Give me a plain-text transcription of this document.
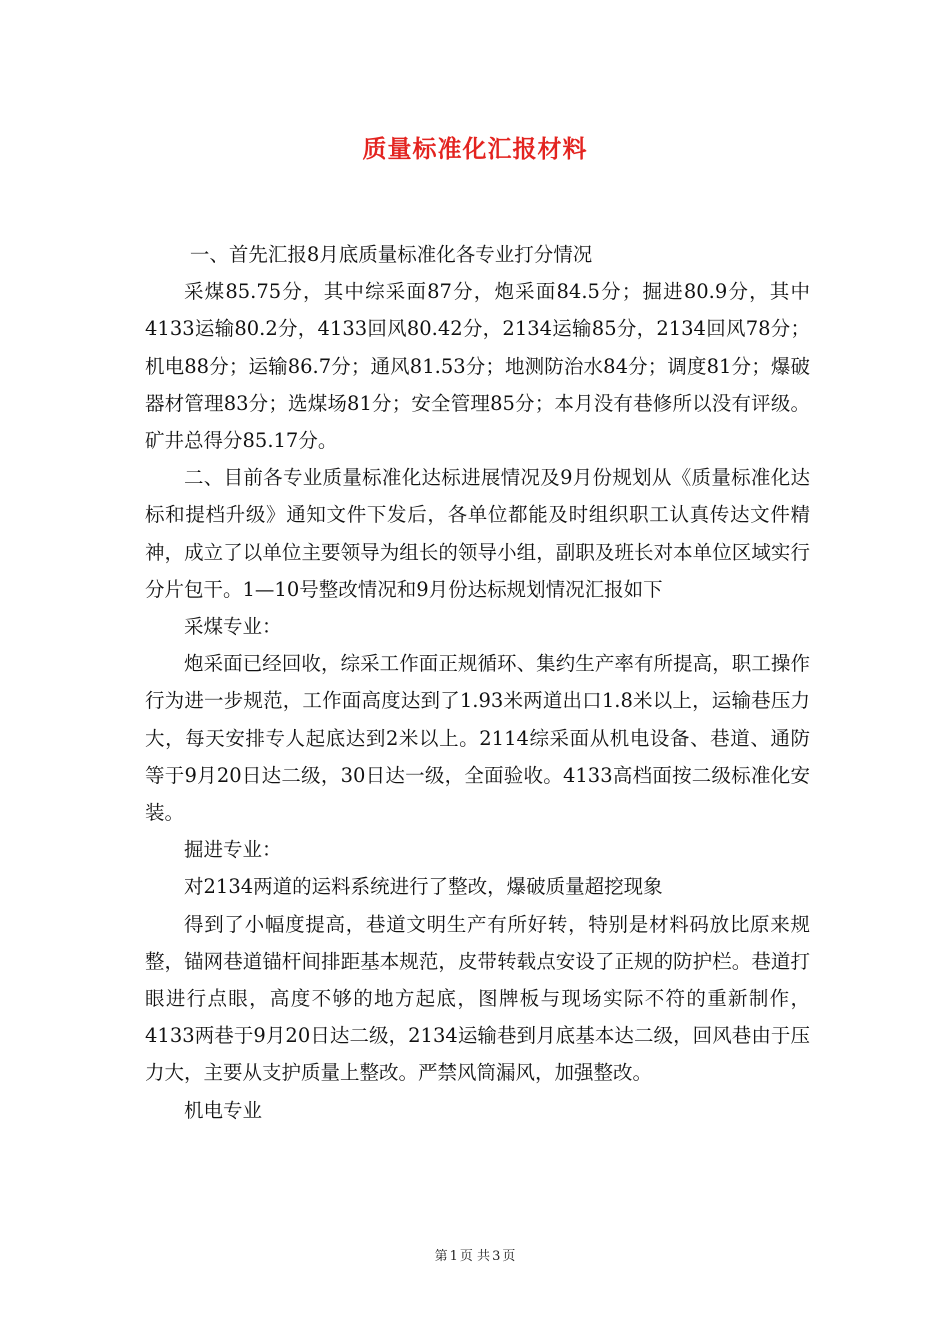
质量标准化汇报材料

一、首先汇报8月底质量标准化各专业打分情况

采煤85.75分，其中综采面87分，炮采面84.5分；掘进80.9分，其中4133运输80.2分，4133回风80.42分，2134运输85分，2134回风78分；机电88分；运输86.7分；通风81.53分；地测防治水84分；调度81分；爆破器材管理83分；选煤场81分；安全管理85分；本月没有巷修所以没有评级。矿井总得分85.17分。

二、目前各专业质量标准化达标进展情况及9月份规划从《质量标准化达标和提档升级》通知文件下发后，各单位都能及时组织职工认真传达文件精神，成立了以单位主要领导为组长的领导小组，副职及班长对本单位区域实行分片包干。1—10号整改情况和9月份达标规划情况汇报如下

采煤专业：

炮采面已经回收，综采工作面正规循环、集约生产率有所提高，职工操作行为进一步规范，工作面高度达到了1.93米两道出口1.8米以上，运输巷压力大，每天安排专人起底达到2米以上。2114综采面从机电设备、巷道、通防等于9月20日达二级，30日达一级，全面验收。4133高档面按二级标准化安装。

掘进专业：

对2134两道的运料系统进行了整改，爆破质量超挖现象

得到了小幅度提高，巷道文明生产有所好转，特别是材料码放比原来规整，锚网巷道锚杆间排距基本规范，皮带转载点安设了正规的防护栏。巷道打眼进行点眼，高度不够的地方起底，图牌板与现场实际不符的重新制作，4133两巷于9月20日达二级，2134运输巷到月底基本达二级，回风巷由于压力大，主要从支护质量上整改。严禁风筒漏风，加强整改。

机电专业

第 1 页 共 3 页
